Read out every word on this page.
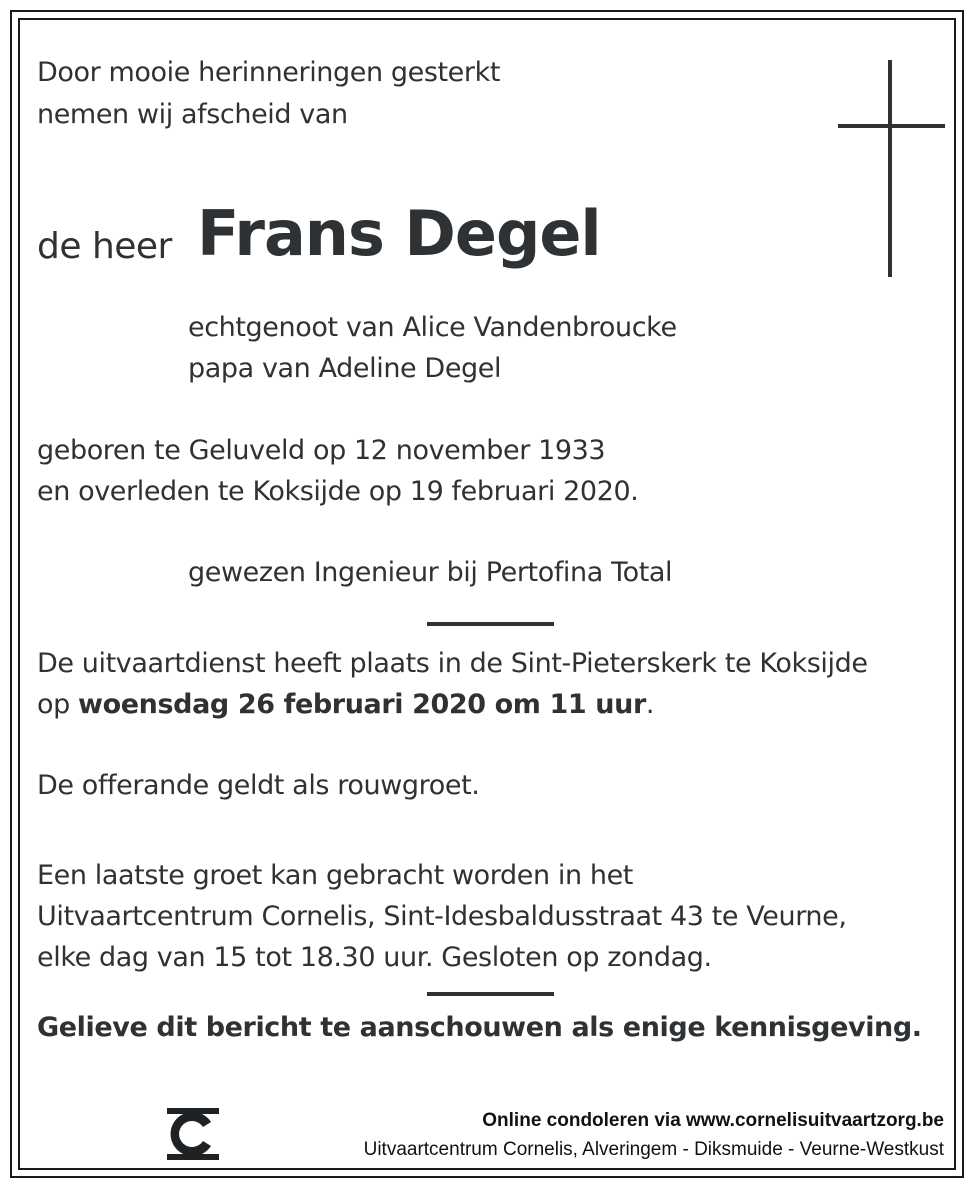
Door mooie herinneringen gesterkt
nemen wij afscheid van
de heer Frans Degel
echtgenoot van Alice Vandenbroucke
papa van Adeline Degel
geboren te Geluveld op 12 november 1933
en overleden te Koksijde op 19 februari 2020.
gewezen Ingenieur bij Pertofina Total
De uitvaartdienst heeft plaats in de Sint-Pieterskerk te Koksijde
op woensdag 26 februari 2020 om 11 uur.
De offerande geldt als rouwgroet.
Een laatste groet kan gebracht worden in het
Uitvaartcentrum Cornelis, Sint-Idesbaldusstraat 43 te Veurne,
elke dag van 15 tot 18.30 uur. Gesloten op zondag.
Gelieve dit bericht te aanschouwen als enige kennisgeving.
Online condoleren via www.cornelisuitvaartzorg.be
Uitvaartcentrum Cornelis, Alveringem - Diksmuide - Veurne-Westkust
